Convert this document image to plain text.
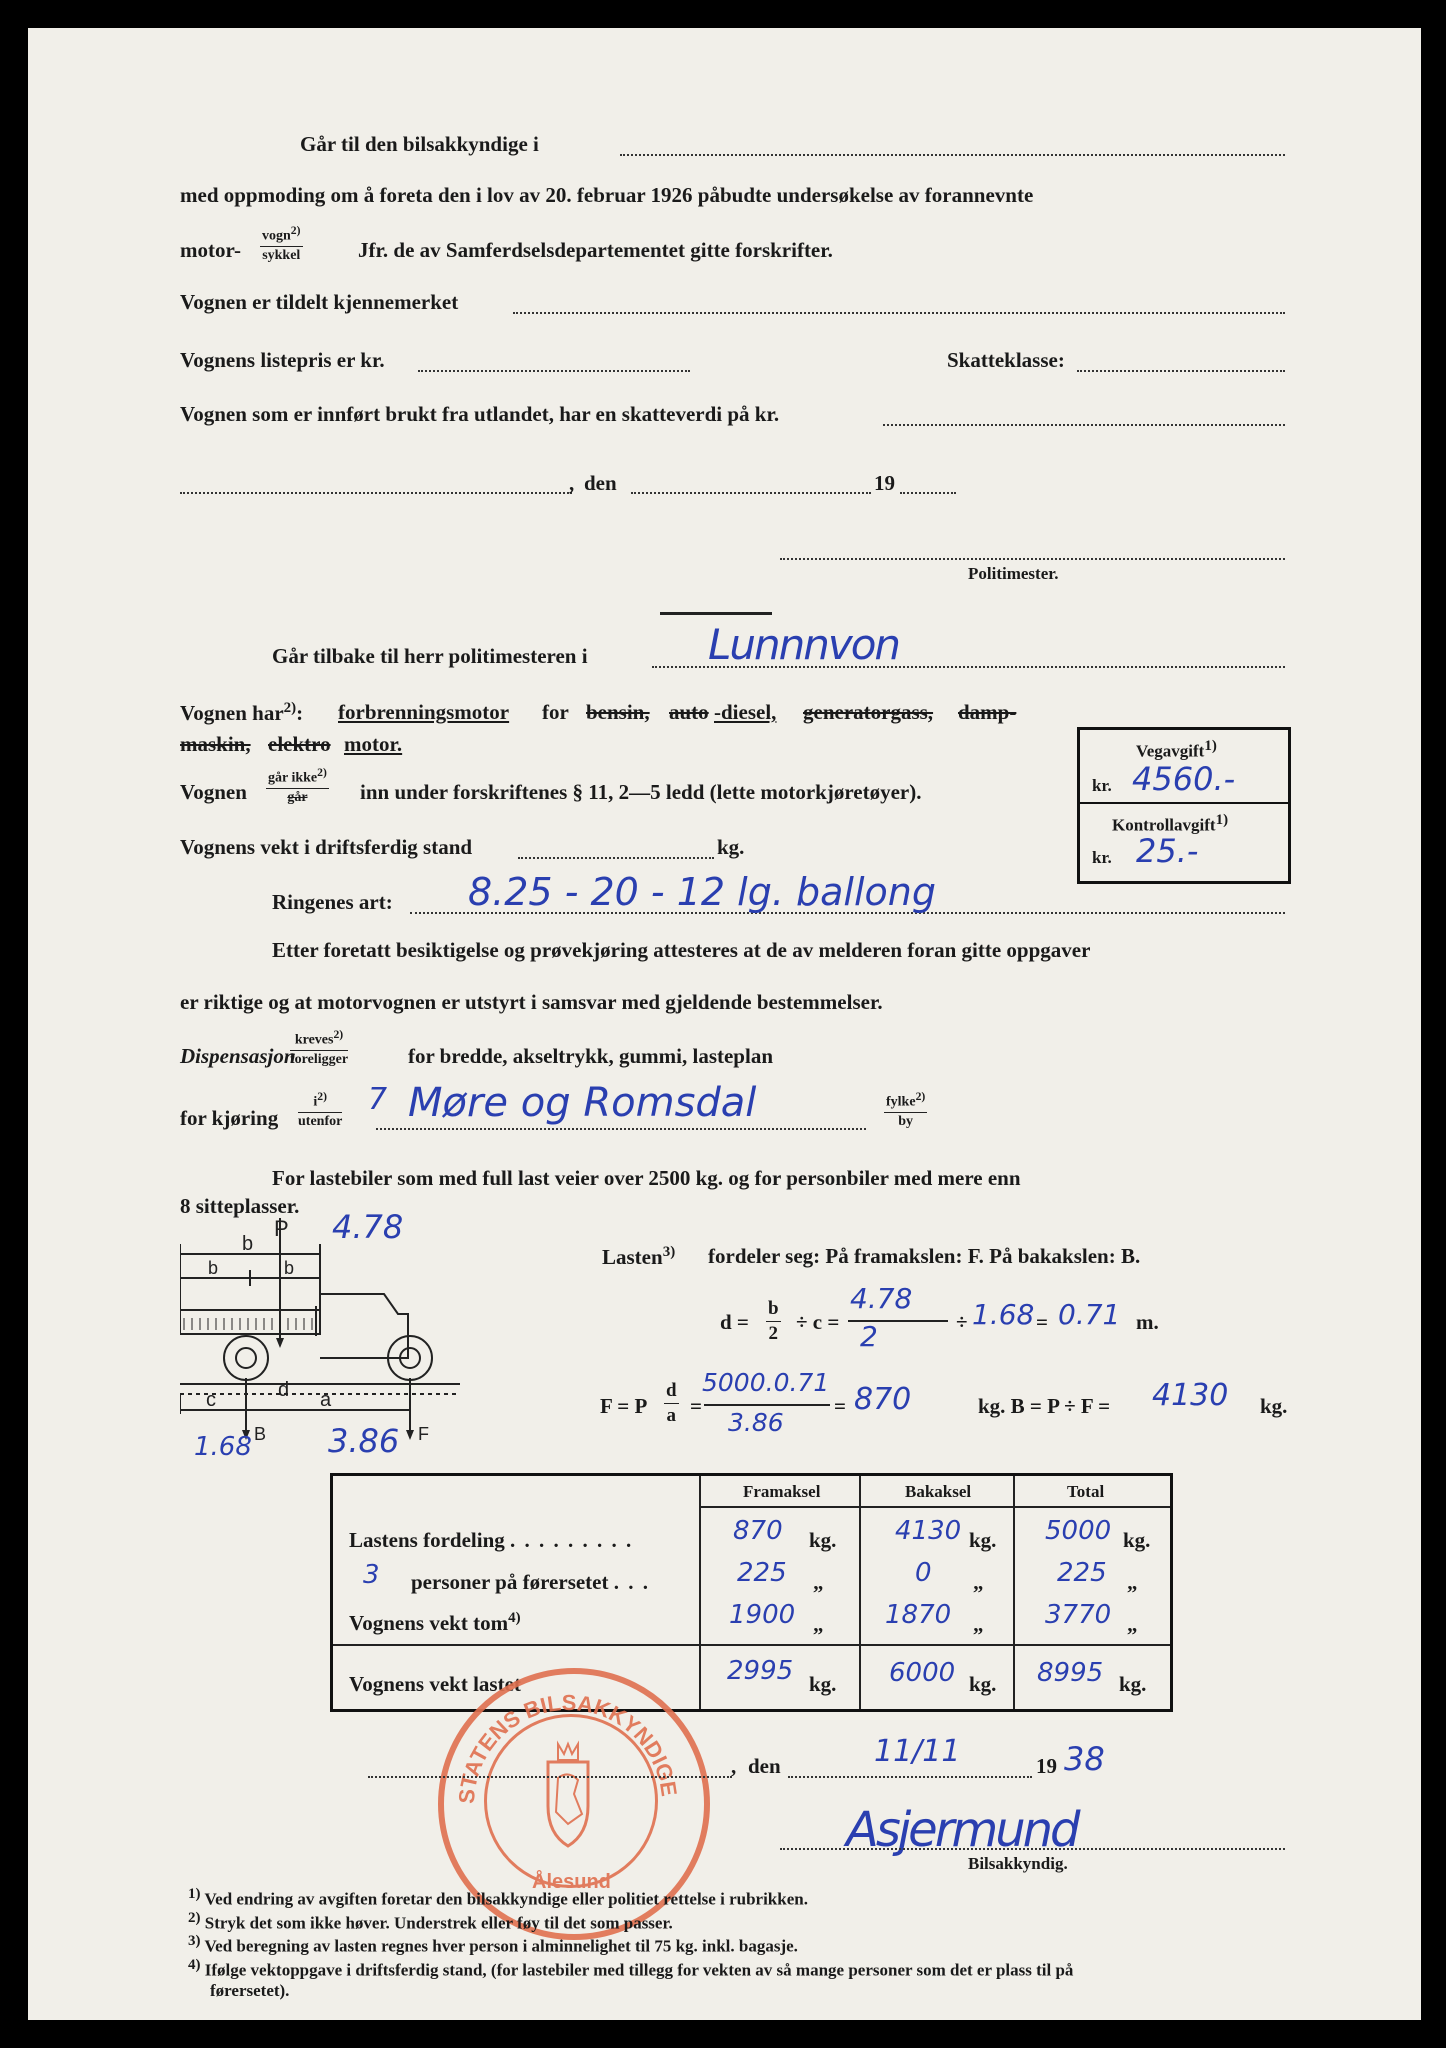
Går til den bilsakkyndige i
med oppmoding om å foreta den i lov av 20. februar 1926 påbudte undersøkelse av forannevnte
motor-
vogn$^{2)}$
sykkel	Jfr. de av Samferdselsdepartementet gitte forskrifter.
Vognen er tildelt kjennemerket
Vognens listepris er kr.	Skatteklasse:
Vognen som er innført brukt fra utlandet, har en skatteverdi på kr.
, den	19
Politimester.
Lunnnvon
Går tilbake til herr politimesteren i
Vognen har$^{2)}$: forbrenningsmotor for bensin, auto -diesel, generatorgass, damp-
maskin, elektro motor.
Vognen
går ikke$^{2)}$
går	inn under forskriftenes § 11, 2—5 ledd (lette motorkjøretøyer).
Vognens vekt i driftsferdig stand	kg.
Vegavgift$^{1)}$
kr. 4560.-
Kontrollavgift$^{1)}$
kr. 25.-
Ringenes art: 8.25 - 20 - 12 lg. ballong
Etter foretatt besiktigelse og prøvekjøring attesteres at de av melderen foran gitte oppgaver
er riktige og at motorvognen er utstyrt i samsvar med gjeldende bestemmelser.
Dispensasjon
kreves$^{2)}$
foreligger	for bredde, akseltrykk, gummi, lasteplan
for kjøring
$i^{2)}$
utenfor
7 Møre og Romsdal	fylke$^{2)}$
by
For lastebiler som med full last veier over 2500 kg. og for personbiler med mere enn
8 sitteplasser.
P
b
b	b
c	d a
B	F
4.78
1.68 3.86
Lasten$^{3)}$ fordeler seg: På framakslen: F. På bakakslen: B.
$d = \frac{b}{2} \div c$ =
4.78
2	÷ 1.68 = 0.71 m.
F = P $\frac{d}{a}$ =
5000.0.71
3.86
= 870	kg. B = P ÷ F = 4130 kg.
Framaksel	Bakaksel	Total
Lastens fordeling . . . . . . . . .	870 kg. 4130 kg. 5000 kg.
3 personer på førersetet . . .	225 „	0 „	225 „
Vognens vekt tom$^{4)}$	1900 „ 1870 „ 3770 „
Vognens vekt lastet	2995 kg. 6000 kg. 8995 kg.
STATENS BILSAKKYNDIGE
Ålesund
, den	11/11	19 38
Asjermund
Bilsakkyndig.
$^{1)}$ Ved endring av avgiften foretar den bilsakkyndige eller politiet rettelse i rubrikken.
$^{2)}$ Stryk det som ikke høver. Understrek eller føy til det som passer.
$^{3)}$ Ved beregning av lasten regnes hver person i alminnelighet til 75 kg. inkl. bagasje.
$^{4)}$ Ifølge vektoppgave i driftsferdig stand, (for lastebiler med tillegg for vekten av så mange personer som det er plass til på
førersetet).
